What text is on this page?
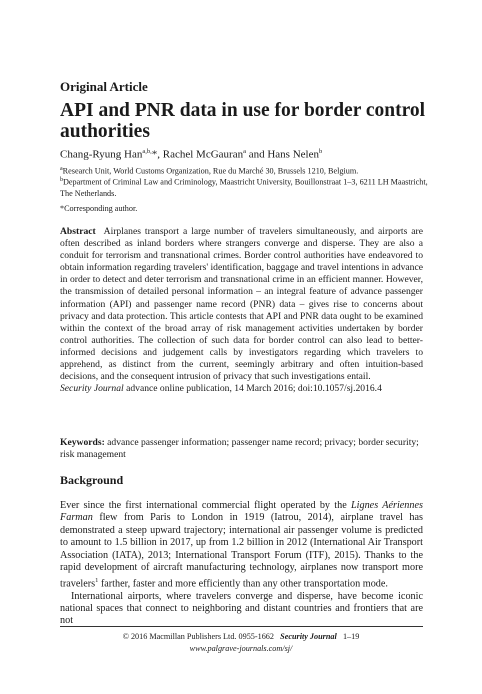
Original Article
API and PNR data in use for border control authorities
Chang-Ryung Han$^{a,b,}$*, Rachel McGauran$^a$ and Hans Nelen$^b$
$^a$Research Unit, World Customs Organization, Rue du Marché 30, Brussels 1210, Belgium.
$^b$Department of Criminal Law and Criminology, Maastricht University, Bouillonstraat 1–3, 6211 LH Maastricht, The Netherlands.
*Corresponding author.
Abstract Airplanes transport a large number of travelers simultaneously, and airports are often described as inland borders where strangers converge and disperse. They are also a conduit for terrorism and transnational crimes. Border control authorities have endeavored to obtain information regarding travelers' identification, baggage and travel intentions in advance in order to detect and deter terrorism and transnational crime in an efficient manner. However, the transmission of detailed personal information – an integral feature of advance passenger information (API) and passenger name record (PNR) data – gives rise to concerns about privacy and data protection. This article contests that API and PNR data ought to be examined within the context of the broad array of risk management activities undertaken by border control authorities. The collection of such data for border control can also lead to better-informed decisions and judgement calls by investigators regarding which travelers to apprehend, as distinct from the current, seemingly arbitrary and often intuition-based decisions, and the consequent intrusion of privacy that such investigations entail.
Security Journal advance online publication, 14 March 2016; doi:10.1057/sj.2016.4
Keywords: advance passenger information; passenger name record; privacy; border security; risk management
Background

Ever since the first international commercial flight operated by the Lignes Aériennes Farman flew from Paris to London in 1919 (Iatrou, 2014), airplane travel has demonstrated a steep upward trajectory; international air passenger volume is predicted to amount to 1.5 billion in 2017, up from 1.2 billion in 2012 (International Air Transport Association (IATA), 2013; International Transport Forum (ITF), 2015). Thanks to the rapid development of aircraft manufacturing technology, airplanes now transport more travelers$^1$ farther, faster and more efficiently than any other transportation mode.

International airports, where travelers converge and disperse, have become iconic national spaces that connect to neighboring and distant countries and frontiers that are not

© 2016 Macmillan Publishers Ltd. 0955-1662 Security Journal 1–19
www.palgrave-journals.com/sj/
